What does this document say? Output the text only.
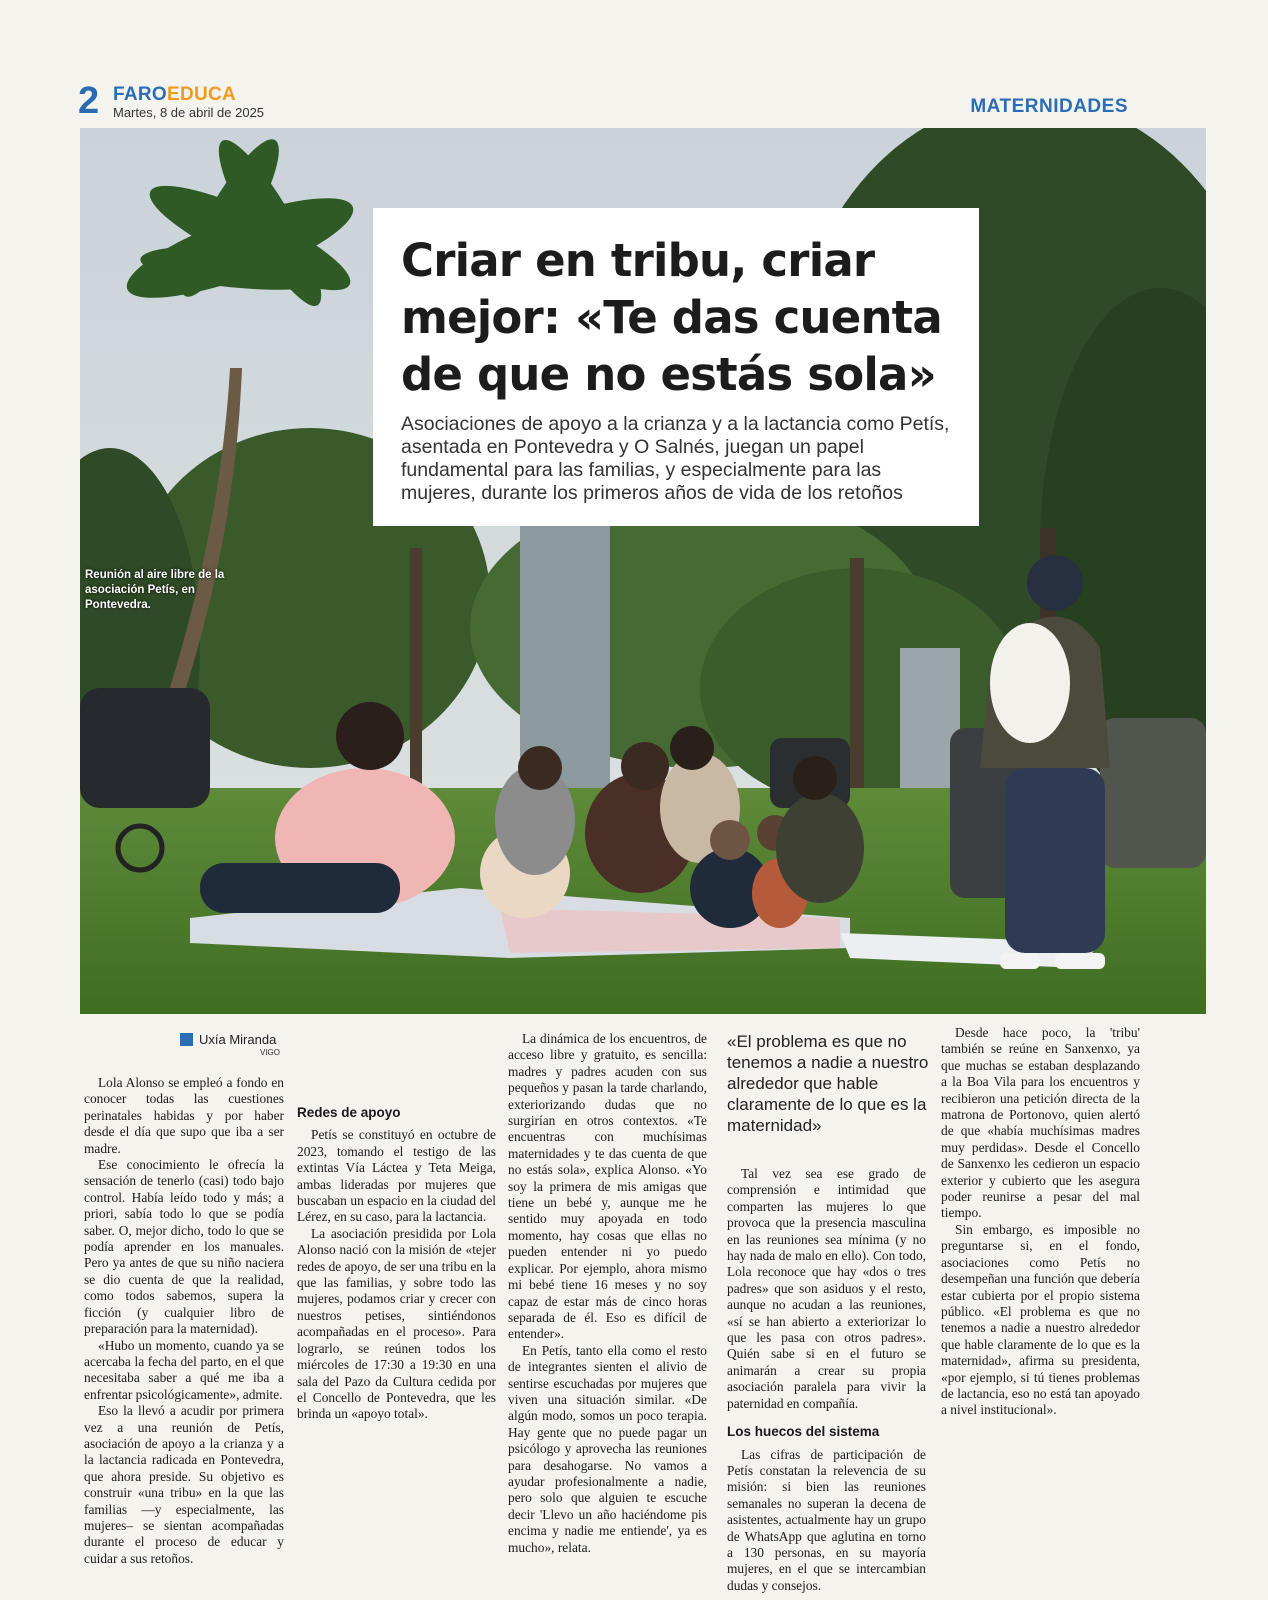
2 FAROEDUCA
Martes, 8 de abril de 2025	MATERNIDADES
Criar en tribu, criar mejor: «Te das cuenta de que no estás sola»

Asociaciones de apoyo a la crianza y a la lactancia como Petís, asentada en Pontevedra y O Salnés, juegan un papel fundamental para las familias, y especialmente para las mujeres, durante los primeros años de vida de los retoños

Reunión al aire libre de la asociación Petís, en Pontevedra.
Uxía Miranda
VIGO

Lola Alonso se empleó a fondo en conocer todas las cuestiones perinatales habidas y por haber desde el día que supo que iba a ser madre.

Ese conocimiento le ofrecía la sensación de tenerlo (casi) todo bajo control. Había leído todo y más; a priori, sabía todo lo que se podía saber. O, mejor dicho, todo lo que se podía aprender en los manuales. Pero ya antes de que su niño naciera se dio cuenta de que la realidad, como todos sabemos, supera la ficción (y cualquier libro de preparación para la maternidad).

«Hubo un momento, cuando ya se acercaba la fecha del parto, en el que necesitaba saber a qué me iba a enfrentar psicológicamente», admite.

Eso la llevó a acudir por primera vez a una reunión de Petís, asociación de apoyo a la crianza y a la lactancia radicada en Pontevedra, que ahora preside. Su objetivo es construir «una tribu» en la que las familias —y especialmente, las mujeres– se sientan acompañadas durante el proceso de educar y cuidar a sus retoños.

Redes de apoyo

Petís se constituyó en octubre de 2023, tomando el testigo de las extintas Vía Láctea y Teta Meiga, ambas lideradas por mujeres que buscaban un espacio en la ciudad del Lérez, en su caso, para la lactancia.

La asociación presidida por Lola Alonso nació con la misión de «tejer redes de apoyo, de ser una tribu en la que las familias, y sobre todo las mujeres, podamos criar y crecer con nuestros petises, sintiéndonos acompañadas en el proceso». Para lograrlo, se reúnen todos los miércoles de 17:30 a 19:30 en una sala del Pazo da Cultura cedida por el Concello de Pontevedra, que les brinda un «apoyo total».

La dinámica de los encuentros, de acceso libre y gratuito, es sencilla: madres y padres acuden con sus pequeños y pasan la tarde charlando, exteriorizando dudas que no surgirían en otros contextos. «Te encuentras con muchísimas maternidades y te das cuenta de que no estás sola», explica Alonso. «Yo soy la primera de mis amigas que tiene un bebé y, aunque me he sentido muy apoyada en todo momento, hay cosas que ellas no pueden entender ni yo puedo explicar. Por ejemplo, ahora mismo mi bebé tiene 16 meses y no soy capaz de estar más de cinco horas separada de él. Eso es difícil de entender».

En Petís, tanto ella como el resto de integrantes sienten el alivio de sentirse escuchadas por mujeres que viven una situación similar. «De algún modo, somos un poco terapia. Hay gente que no puede pagar un psicólogo y aprovecha las reuniones para desahogarse. No vamos a ayudar profesionalmente a nadie, pero solo que alguien te escuche decir 'Llevo un año haciéndome pis encima y nadie me entiende', ya es mucho», relata.

«El problema es que no tenemos a nadie a nuestro alrededor que hable claramente de lo que es la maternidad»

Tal vez sea ese grado de comprensión e intimidad que comparten las mujeres lo que provoca que la presencia masculina en las reuniones sea mínima (y no hay nada de malo en ello). Con todo, Lola reconoce que hay «dos o tres padres» que son asiduos y el resto, aunque no acudan a las reuniones, «sí se han abierto a exteriorizar lo que les pasa con otros padres». Quién sabe si en el futuro se animarán a crear su propia asociación paralela para vivir la paternidad en compañía.

Los huecos del sistema

Las cifras de participación de Petís constatan la relevencia de su misión: si bien las reuniones semanales no superan la decena de asistentes, actualmente hay un grupo de WhatsApp que aglutina en torno a 130 personas, en su mayoría mujeres, en el que se intercambian dudas y consejos.

Desde hace poco, la 'tribu' también se reúne en Sanxenxo, ya que muchas se estaban desplazando a la Boa Vila para los encuentros y recibieron una petición directa de la matrona de Portonovo, quien alertó de que «había muchísimas madres muy perdidas». Desde el Concello de Sanxenxo les cedieron un espacio exterior y cubierto que les asegura poder reunirse a pesar del mal tiempo.

Sin embargo, es imposible no preguntarse si, en el fondo, asociaciones como Petís no desempeñan una función que debería estar cubierta por el propio sistema público. «El problema es que no tenemos a nadie a nuestro alrededor que hable claramente de lo que es la maternidad», afirma su presidenta, «por ejemplo, si tú tienes problemas de lactancia, eso no está tan apoyado a nivel institucional».
